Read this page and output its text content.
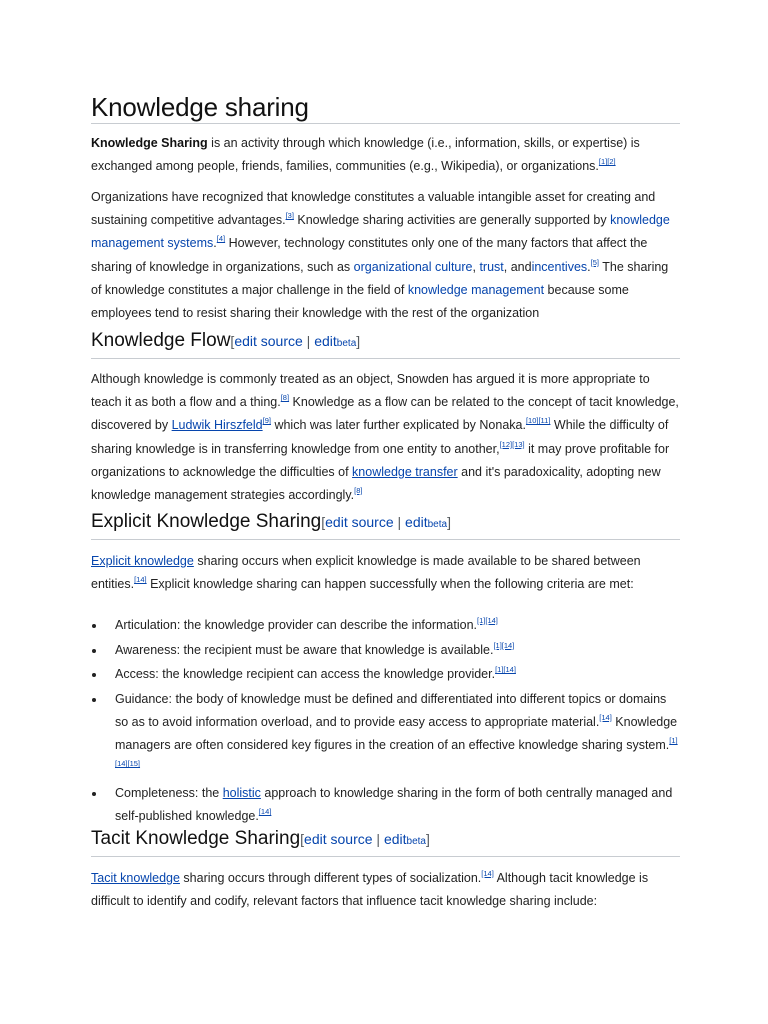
Knowledge sharing

Knowledge Sharing is an activity through which knowledge (i.e., information, skills, or expertise) is exchanged among people, friends, families, communities (e.g., Wikipedia), or organizations.[1][2]

Organizations have recognized that knowledge constitutes a valuable intangible asset for creating and sustaining competitive advantages.[3] Knowledge sharing activities are generally supported by knowledge management systems.[4] However, technology constitutes only one of the many factors that affect the sharing of knowledge in organizations, such as organizational culture, trust, andincentives.[5] The sharing of knowledge constitutes a major challenge in the field of knowledge management because some employees tend to resist sharing their knowledge with the rest of the organization

Knowledge Flow[edit source | editbeta]

Although knowledge is commonly treated as an object, Snowden has argued it is more appropriate to teach it as both a flow and a thing.[8] Knowledge as a flow can be related to the concept of tacit knowledge, discovered by Ludwik Hirszfeld[9] which was later further explicated by Nonaka.[10][11] While the difficulty of sharing knowledge is in transferring knowledge from one entity to another,[12][13] it may prove profitable for organizations to acknowledge the difficulties of knowledge transfer and it's paradoxicality, adopting new knowledge management strategies accordingly.[8]

Explicit Knowledge Sharing[edit source | editbeta]

Explicit knowledge sharing occurs when explicit knowledge is made available to be shared between entities.[14] Explicit knowledge sharing can happen successfully when the following criteria are met:

Articulation: the knowledge provider can describe the information.[1][14]
Awareness: the recipient must be aware that knowledge is available.[1][14]
Access: the knowledge recipient can access the knowledge provider.[1][14]
Guidance: the body of knowledge must be defined and differentiated into different topics or domains so as to avoid information overload, and to provide easy access to appropriate material.[14] Knowledge managers are often considered key figures in the creation of an effective knowledge sharing system.[1][14][15]
Completeness: the holistic approach to knowledge sharing in the form of both centrally managed and self-published knowledge.[14]
Tacit Knowledge Sharing[edit source | editbeta]

Tacit knowledge sharing occurs through different types of socialization.[14] Although tacit knowledge is difficult to identify and codify, relevant factors that influence tacit knowledge sharing include:
